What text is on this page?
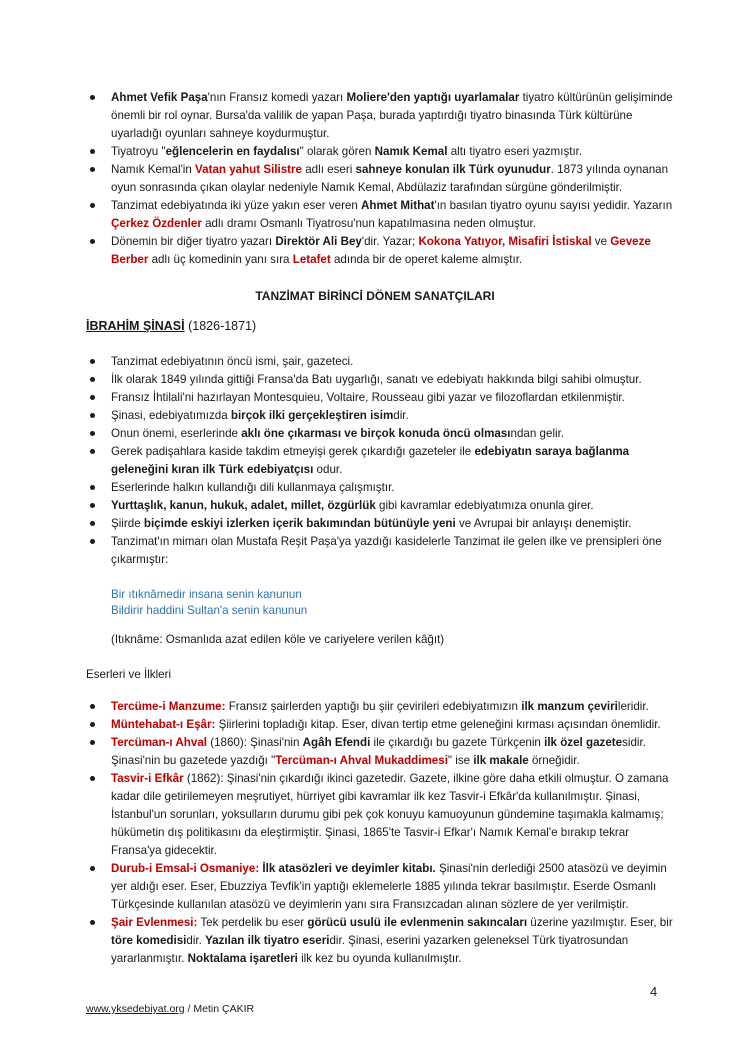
Ahmet Vefik Paşa'nın Fransız komedi yazarı Moliere'den yaptığı uyarlamalar tiyatro kültürünün gelişiminde önemli bir rol oynar. Bursa'da valilik de yapan Paşa, burada yaptırdığı tiyatro binasında Türk kültürüne uyarladığı oyunları sahneye koydurmuştur.
Tiyatroyu "eğlencelerin en faydalısı" olarak gören Namık Kemal altı tiyatro eseri yazmıştır.
Namık Kemal'in Vatan yahut Silistre adlı eseri sahneye konulan ilk Türk oyunudur. 1873 yılında oynanan oyun sonrasında çıkan olaylar nedeniyle Namık Kemal, Abdülaziz tarafından sürgüne gönderilmiştir.
Tanzimat edebiyatında iki yüze yakın eser veren Ahmet Mithat'ın basılan tiyatro oyunu sayısı yedidir. Yazarın Çerkez Özdenler adlı dramı Osmanlı Tiyatrosu'nun kapatılmasına neden olmuştur.
Dönemin bir diğer tiyatro yazarı Direktör Ali Bey'dir. Yazar; Kokona Yatıyor, Misafiri İstiskal ve Geveze Berber adlı üç komedinin yanı sıra Letafet adında bir de operet kaleme almıştır.
TANZİMAT BİRİNCİ DÖNEM SANATÇILARI
İBRAHİM ŞİNASİ (1826-1871)
Tanzimat edebiyatının öncü ismi, şair, gazeteci.
İlk olarak 1849 yılında gittiği Fransa'da Batı uygarlığı, sanatı ve edebiyatı hakkında bilgi sahibi olmuştur.
Fransız İhtilali'ni hazırlayan Montesquieu, Voltaire, Rousseau gibi yazar ve filozoflardan etkilenmiştir.
Şinasi, edebiyatımızda birçok ilki gerçekleştiren isimdir.
Onun önemi, eserlerinde aklı öne çıkarması ve birçok konuda öncü olmasından gelir.
Gerek padişahlara kaside takdim etmeyişi gerek çıkardığı gazeteler ile edebiyatın saraya bağlanma geleneğini kıran ilk Türk edebiyatçısı odur.
Eserlerinde halkın kullandığı dili kullanmaya çalışmıştır.
Yurttaşlık, kanun, hukuk, adalet, millet, özgürlük gibi kavramlar edebiyatımıza onunla girer.
Şiirde biçimde eskiyi izlerken içerik bakımından bütünüyle yeni ve Avrupai bir anlayışı denemiştir.
Tanzimat'ın mimarı olan Mustafa Reşit Paşa'ya yazdığı kasidelerle Tanzimat ile gelen ilke ve prensipleri öne çıkarmıştır:
Bir ıtıknâmedir insana senin kanunun
Bildirir haddini Sultan'a senin kanunun
(Itıknâme: Osmanlıda azat edilen köle ve cariyelere verilen kâğıt)
Eserleri ve İlkleri
Tercüme-i Manzume: Fransız şairlerden yaptığı bu şiir çevirileri edebiyatımızın ilk manzum çevirileridir.
Müntehabat-ı Eşâr: Şiirlerini topladığı kitap. Eser, divan tertip etme geleneğini kırması açısından önemlidir.
Tercüman-ı Ahval (1860): Şinasi'nin Agâh Efendi ile çıkardığı bu gazete Türkçenin ilk özel gazetesidir. Şinasi'nin bu gazetede yazdığı "Tercüman-ı Ahval Mukaddimesi" ise ilk makale örneğidir.
Tasvir-i Efkâr (1862): Şinasi'nin çıkardığı ikinci gazetedir. Gazete, ilkine göre daha etkili olmuştur. O zamana kadar dile getirilemeyen meşrutiyet, hürriyet gibi kavramlar ilk kez Tasvir-i Efkâr'da kullanılmıştır. Şinasi, İstanbul'un sorunları, yoksulların durumu gibi pek çok konuyu kamuoyunun gündemine taşımakla kalmamış; hükümetin dış politikasını da eleştirmiştir. Şinasi, 1865'te Tasvir-i Efkar'ı Namık Kemal'e bırakıp tekrar Fransa'ya gidecektir.
Durub-i Emsal-i Osmaniye: İlk atasözleri ve deyimler kitabı. Şinasi'nin derlediği 2500 atasözü ve deyimin yer aldığı eser. Eser, Ebuzziya Tevfik'in yaptığı eklemelerle 1885 yılında tekrar basılmıştır. Eserde Osmanlı Türkçesinde kullanılan atasözü ve deyimlerin yanı sıra Fransızcadan alınan sözlere de yer verilmiştir.
Şair Evlenmesi: Tek perdelik bu eser görücü usulü ile evlenmenin sakıncaları üzerine yazılmıştır. Eser, bir töre komedisidir. Yazılan ilk tiyatro eseridir. Şinasi, eserini yazarken geleneksel Türk tiyatrosundan yararlanmıştır. Noktalama işaretleri ilk kez bu oyunda kullanılmıştır.
4
www.yksedebiyat.org / Metin ÇAKIR
